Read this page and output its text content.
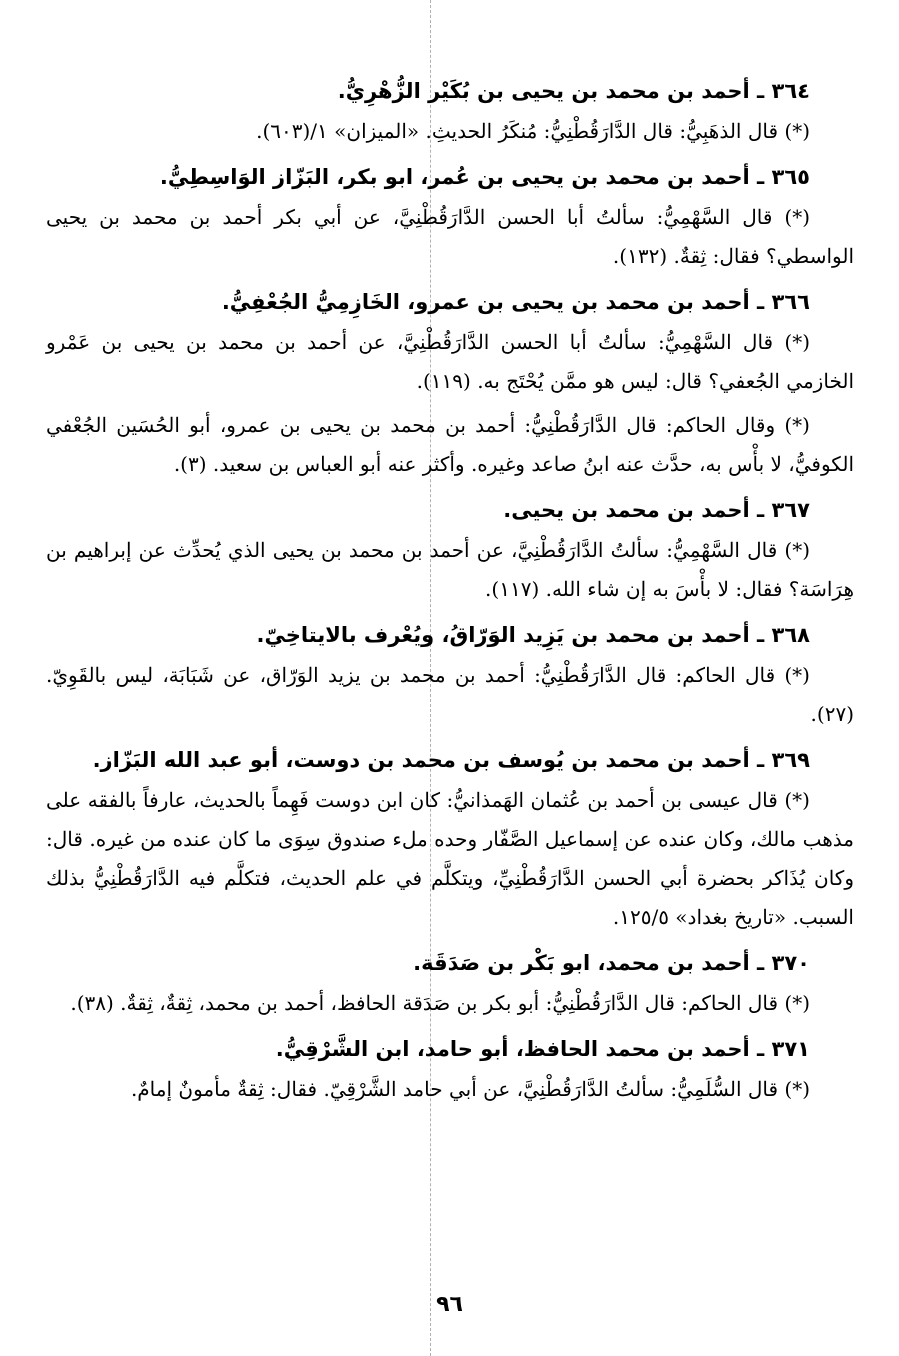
٣٦٤ ـ أحمد بن محمد بن يحيى بن بُكَيْر الزُّهْرِيُّ.

(*) قال الذهَبِيُّ: قال الدَّارَقُطْنِيُّ: مُنكَرُ الحديثِ. «الميزان» ١/(٦٠٣).

٣٦٥ ـ أحمد بن محمد بن يحيى بن عُمر، ابو بكر، البَزّاز الوَاسِطِيُّ.

(*) قال السَّهْمِيُّ: سألتُ أبا الحسن الدَّارَقُطْنِيَّ، عن أبي بكر أحمد بن محمد بن يحيى الواسطي؟ فقال: ثِقةٌ. (١٣٢).

٣٦٦ ـ أحمد بن محمد بن يحيى بن عمرو، الخَازِمِيُّ الجُعْفِيُّ.

(*) قال السَّهْمِيُّ: سألتُ أبا الحسن الدَّارَقُطْنِيَّ، عن أحمد بن محمد بن يحيى بن عَمْرو الخازمي الجُعفي؟ قال: ليس هو ممَّن يُحْتَج به. (١١٩).

(*) وقال الحاكم: قال الدَّارَقُطْنِيُّ: أحمد بن محمد بن يحيى بن عمرو، أبو الحُسَين الجُعْفي الكوفيُّ، لا بأْس به، حدَّث عنه ابنُ صاعد وغيره. وأكثر عنه أبو العباس بن سعيد. (٣).

٣٦٧ ـ أحمد بن محمد بن يحيى.

(*) قال السَّهْمِيُّ: سألتُ الدَّارَقُطْنِيَّ، عن أحمد بن محمد بن يحيى الذي يُحدِّث عن إبراهيم بن هِرَاسَة؟ فقال: لا بأْسَ به إن شاء الله. (١١٧).

٣٦٨ ـ أحمد بن محمد بن يَزِيد الوَرّاقُ، ويُعْرف بالايتاخِيّ.

(*) قال الحاكم: قال الدَّارَقُطْنِيُّ: أحمد بن محمد بن يزيد الوَرّاق، عن شَبَابَة، ليس بالقَوِيّ. (٢٧).

٣٦٩ ـ أحمد بن محمد بن يُوسف بن محمد بن دوست، أبو عبد الله البَزّاز.

(*) قال عيسى بن أحمد بن عُثمان الهَمذانيُّ: كان ابن دوست فَهِماً بالحديث، عارفاً بالفقه على مذهب مالك، وكان عنده عن إسماعيل الصَّفّار وحده ملء صندوق سِوَى ما كان عنده من غيره. قال: وكان يُذَاكر بحضرة أبي الحسن الدَّارَقُطْنِيِّ، ويتكلَّم في علم الحديث، فتكلَّم فيه الدَّارَقُطْنِيُّ بذلك السبب. «تاريخ بغداد» ١٢٥/٥.

٣٧٠ ـ أحمد بن محمد، ابو بَكْر بن صَدَقَة.

(*) قال الحاكم: قال الدَّارَقُطْنِيُّ: أبو بكر بن صَدَقة الحافظ، أحمد بن محمد، ثِقةٌ، ثِقةٌ. (٣٨).

٣٧١ ـ أحمد بن محمد الحافظ، أبو حامد، ابن الشَّرْقِيُّ.

(*) قال السُّلَمِيُّ: سألتُ الدَّارَقُطْنِيَّ، عن أبي حامد الشَّرْقِيّ. فقال: ثِقةٌ مأمونٌ إمامٌ.

٩٦
